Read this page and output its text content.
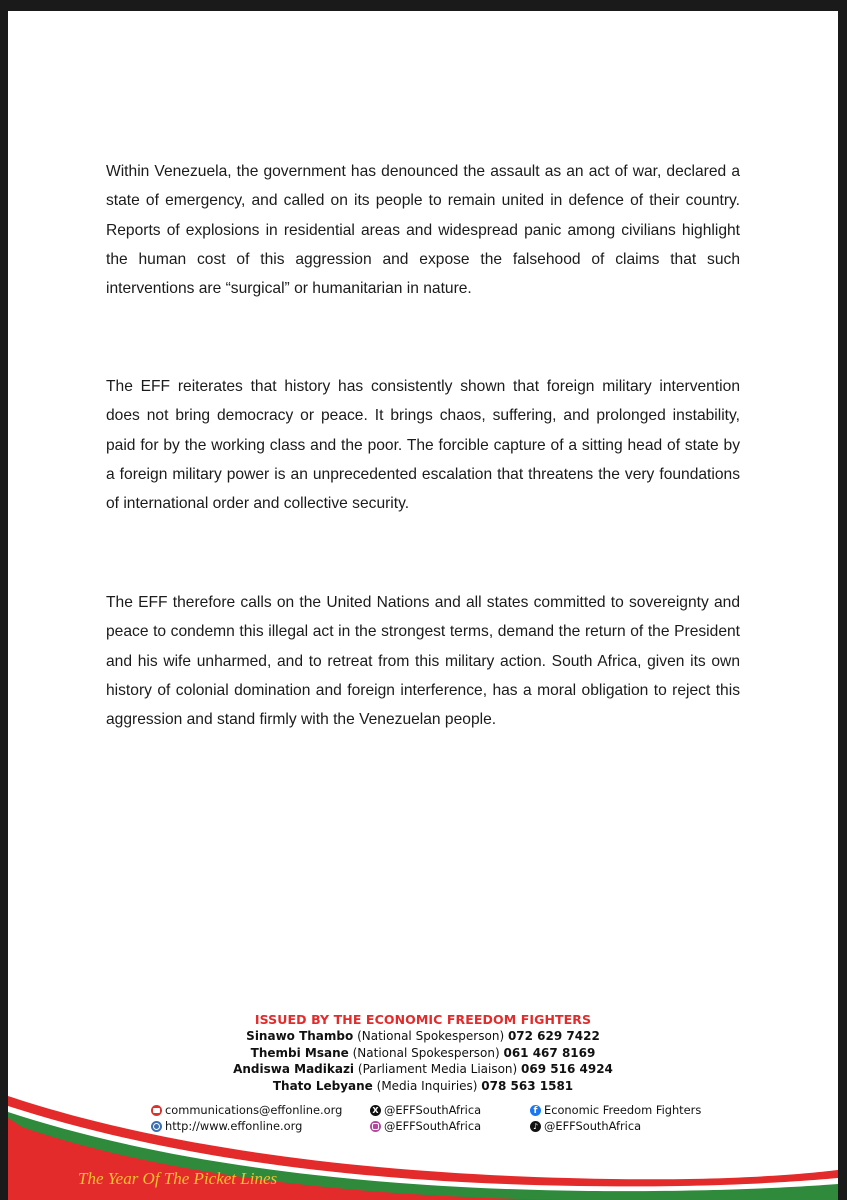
Within Venezuela, the government has denounced the assault as an act of war, declared a state of emergency, and called on its people to remain united in defence of their country. Reports of explosions in residential areas and widespread panic among civilians highlight the human cost of this aggression and expose the falsehood of claims that such interventions are “surgical” or humanitarian in nature.

The EFF reiterates that history has consistently shown that foreign military intervention does not bring democracy or peace. It brings chaos, suffering, and prolonged instability, paid for by the working class and the poor. The forcible capture of a sitting head of state by a foreign military power is an unprecedented escalation that threatens the very foundations of international order and collective security.

The EFF therefore calls on the United Nations and all states committed to sovereignty and peace to condemn this illegal act in the strongest terms, demand the return of the President and his wife unharmed, and to retreat from this military action. South Africa, given its own history of colonial domination and foreign interference, has a moral obligation to reject this aggression and stand firmly with the Venezuelan people.

ISSUED BY THE ECONOMIC FREEDOM FIGHTERS
Sinawo Thambo (National Spokesperson) 072 629 7422
Thembi Msane (National Spokesperson) 061 467 8169
Andiswa Madikazi (Parliament Media Liaison) 069 516 4924
Thato Lebyane (Media Inquiries) 078 563 1581
communications@effonline.org
http://www.effonline.org
X @EFFSouthAfrica
@EFFSouthAfrica
f Economic Freedom Fighters
♪ @EFFSouthAfrica
The Year Of The Picket Lines
